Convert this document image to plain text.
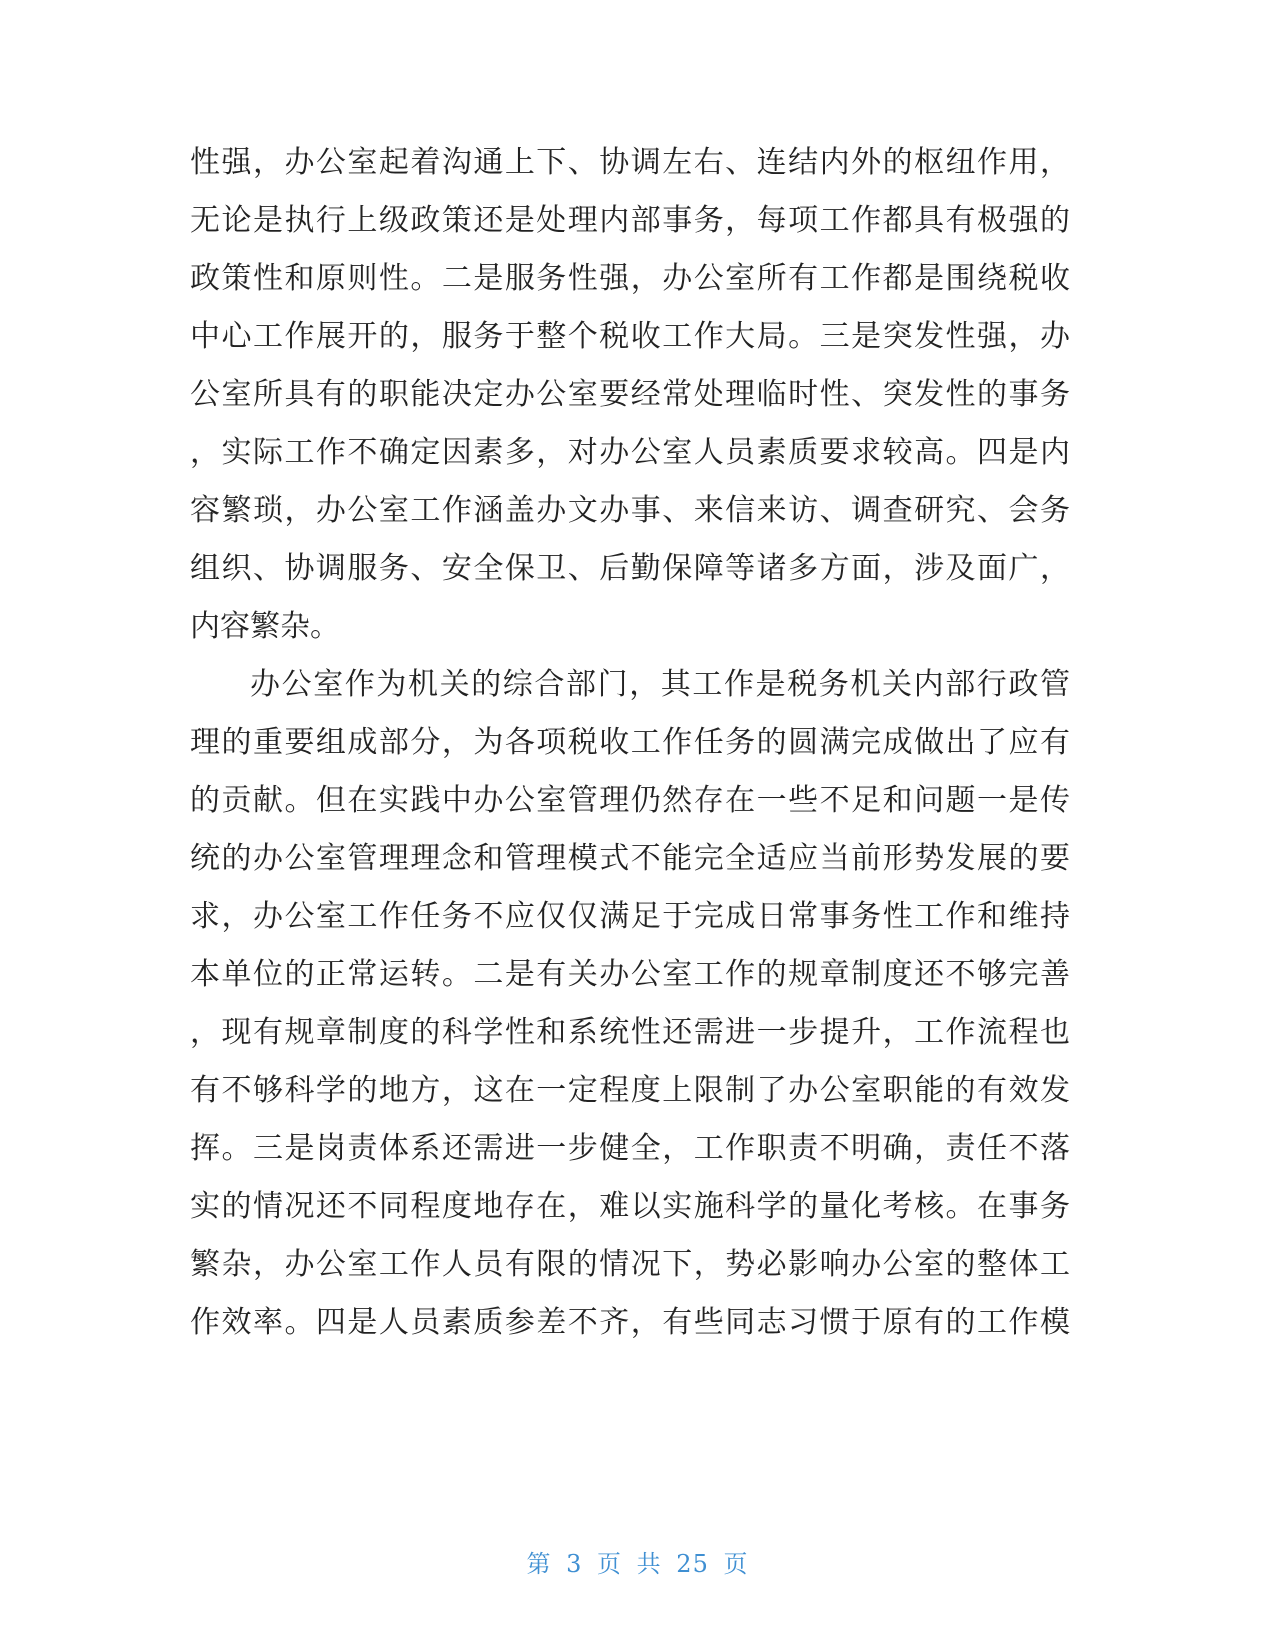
性强，办公室起着沟通上下、协调左右、连结内外的枢纽作用，

无论是执行上级政策还是处理内部事务，每项工作都具有极强的

政策性和原则性。二是服务性强，办公室所有工作都是围绕税收

中心工作展开的，服务于整个税收工作大局。三是突发性强，办

公室所具有的职能决定办公室要经常处理临时性、突发性的事务

，实际工作不确定因素多，对办公室人员素质要求较高。四是内

容繁琐，办公室工作涵盖办文办事、来信来访、调查研究、会务

组织、协调服务、安全保卫、后勤保障等诸多方面，涉及面广，

内容繁杂。

办公室作为机关的综合部门，其工作是税务机关内部行政管

理的重要组成部分，为各项税收工作任务的圆满完成做出了应有

的贡献。但在实践中办公室管理仍然存在一些不足和问题一是传

统的办公室管理理念和管理模式不能完全适应当前形势发展的要

求，办公室工作任务不应仅仅满足于完成日常事务性工作和维持

本单位的正常运转。二是有关办公室工作的规章制度还不够完善

，现有规章制度的科学性和系统性还需进一步提升，工作流程也

有不够科学的地方，这在一定程度上限制了办公室职能的有效发

挥。三是岗责体系还需进一步健全，工作职责不明确，责任不落

实的情况还不同程度地存在，难以实施科学的量化考核。在事务

繁杂，办公室工作人员有限的情况下，势必影响办公室的整体工

作效率。四是人员素质参差不齐，有些同志习惯于原有的工作模

第 3 页 共 25 页
